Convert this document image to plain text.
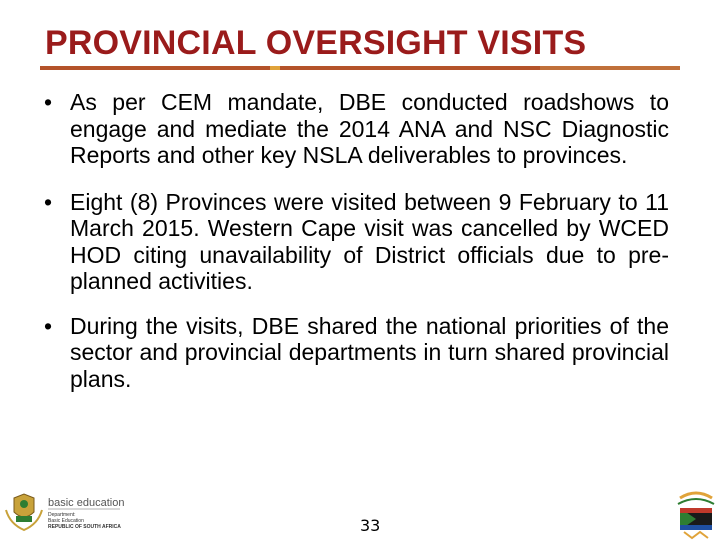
PROVINCIAL OVERSIGHT VISITS
• As per CEM mandate, DBE conducted roadshows to engage and mediate the 2014 ANA and NSC Diagnostic Reports and other key NSLA deliverables to provinces.
• Eight (8) Provinces were visited between 9 February to 11 March 2015. Western Cape visit was cancelled by WCED HOD citing unavailability of District officials due to pre-planned activities.
• During the visits, DBE shared the national priorities of the sector and provincial departments in turn shared provincial plans.
basic education
Department:
Basic Education
REPUBLIC OF SOUTH AFRICA	33
